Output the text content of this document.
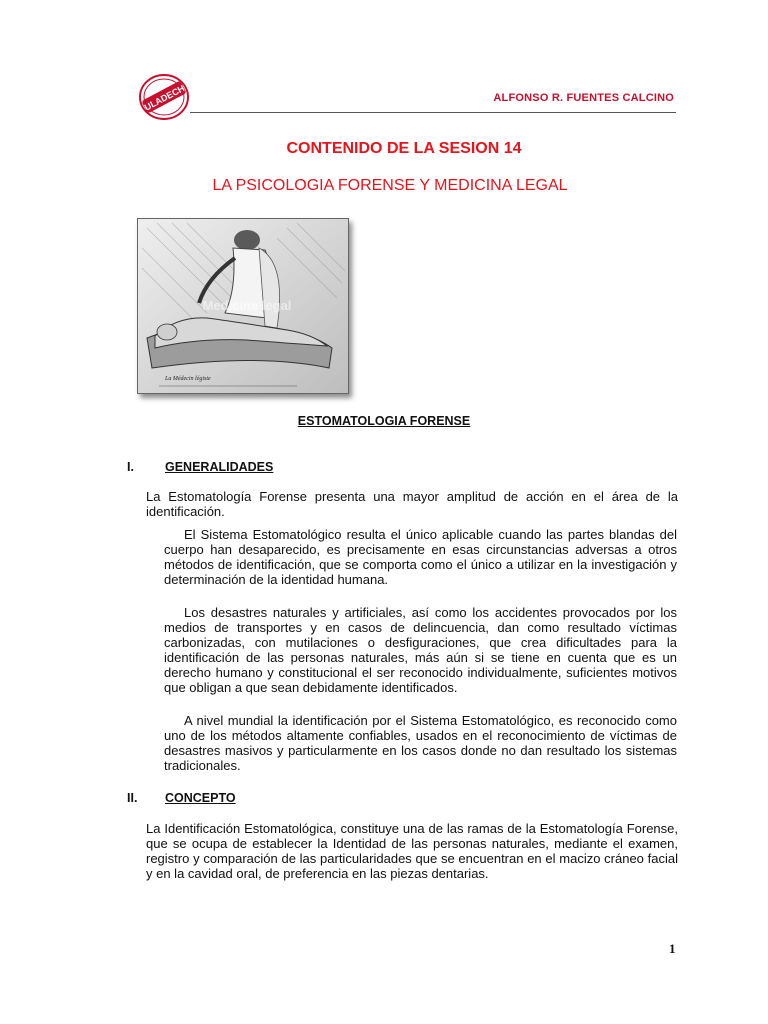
ULADECH	ALFONSO R. FUENTES CALCINO
CONTENIDO DE LA SESION 14
LA PSICOLOGIA FORENSE Y MEDICINA LEGAL
Medicine legal
La Médecin légiste
ESTOMATOLOGIA FORENSE
I. GENERALIDADES
La Estomatología Forense presenta una mayor amplitud de acción en el área de la identificación.
El Sistema Estomatológico resulta el único aplicable cuando las partes blandas del cuerpo han desaparecido, es precisamente en esas circunstancias adversas a otros métodos de identificación, que se comporta como el único a utilizar en la investigación y determinación de la identidad humana.
Los desastres naturales y artificiales, así como los accidentes provocados por los medios de transportes y en casos de delincuencia, dan como resultado víctimas carbonizadas, con mutilaciones o desfiguraciones, que crea dificultades para la identificación de las personas naturales, más aún si se tiene en cuenta que es un derecho humano y constitucional el ser reconocido individualmente, suficientes motivos que obligan a que sean debidamente identificados.
A nivel mundial la identificación por el Sistema Estomatológico, es reconocido como uno de los métodos altamente confiables, usados en el reconocimiento de víctimas de desastres masivos y particularmente en los casos donde no dan resultado los sistemas tradicionales.
II. CONCEPTO
La Identificación Estomatológica, constituye una de las ramas de la Estomatología Forense, que se ocupa de establecer la Identidad de las personas naturales, mediante el examen, registro y comparación de las particularidades que se encuentran en el macizo cráneo facial y en la cavidad oral, de preferencia en las piezas dentarias.
1
